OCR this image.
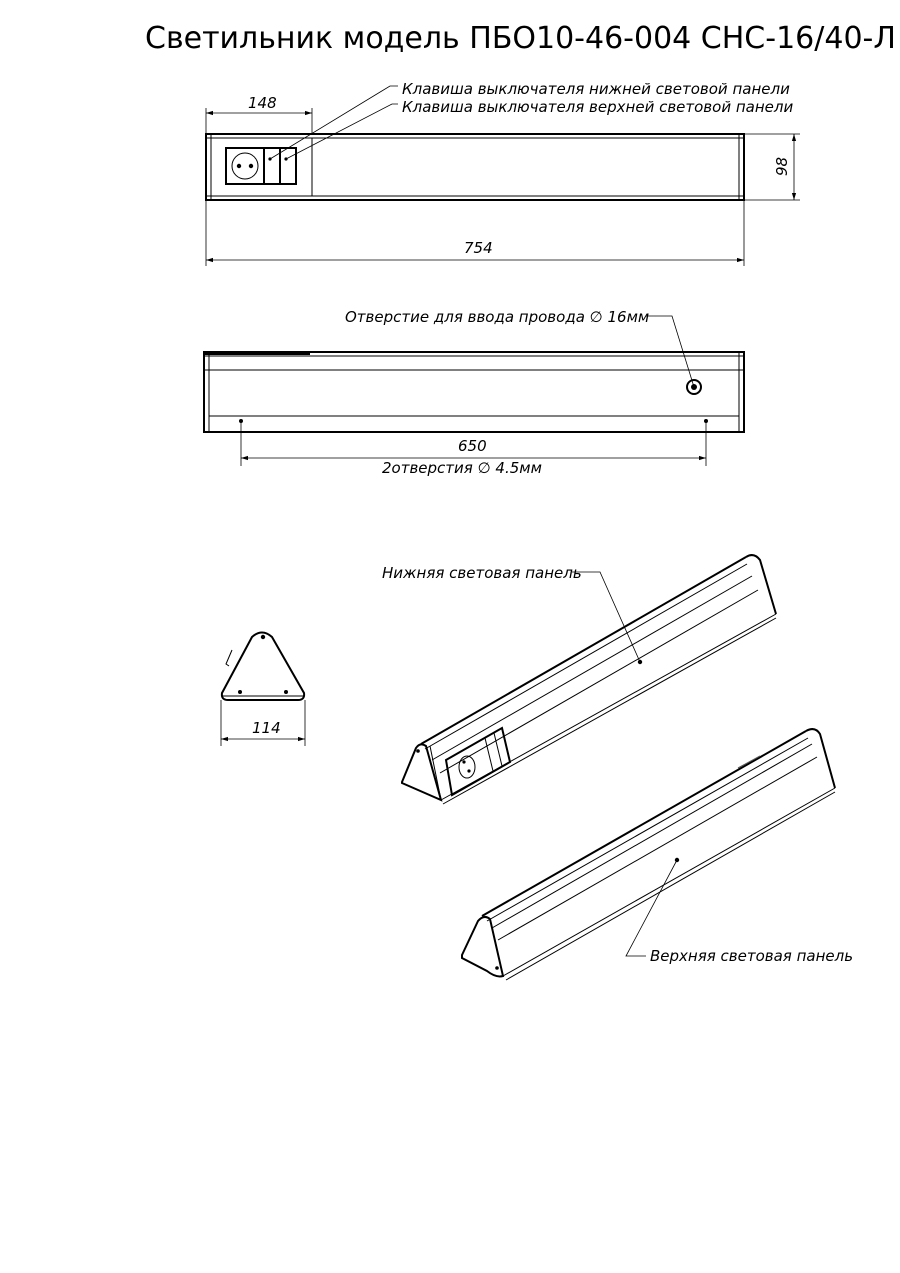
Светильник модель ПБО10-46-004 СНС-16/40-Л
148
98
754
Клавиша выключателя нижней световой панели
Клавиша выключателя верхней световой панели
Отверстие для ввода провода ∅ 16мм
650
2отверстия ∅ 4.5мм
114
Нижняя световая панель
Верхняя световая панель
